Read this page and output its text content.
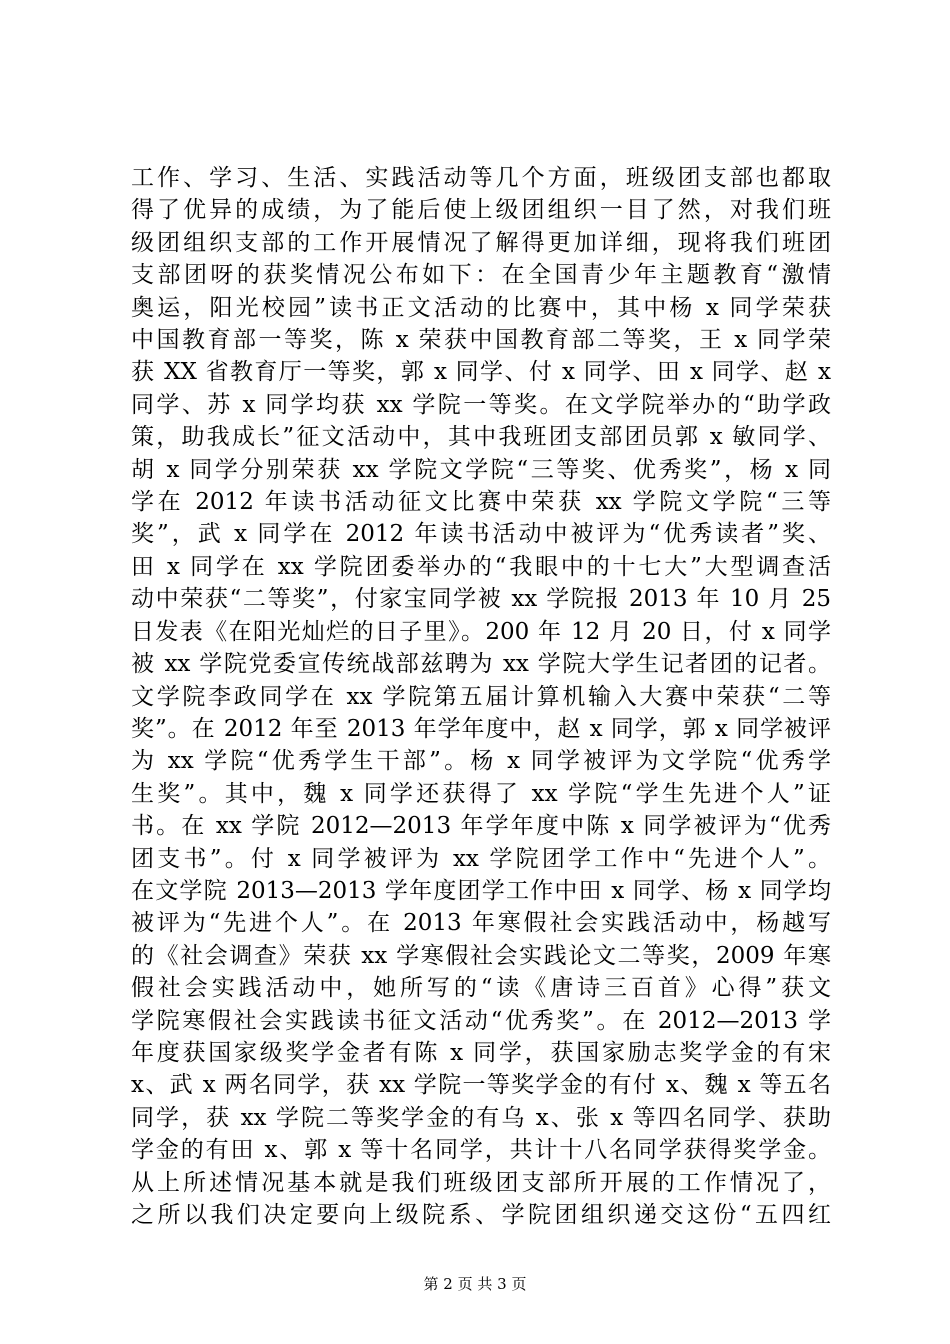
工作、学习、生活、实践活动等几个方面，班级团支部也都取
得了优异的成绩，为了能后使上级团组织一目了然，对我们班
级团组织支部的工作开展情况了解得更加详细，现将我们班团
支部团呀的获奖情况公布如下：在全国青少年主题教育“激情
奥运，阳光校园”读书正文活动的比赛中，其中杨 x 同学荣获
中国教育部一等奖，陈 x 荣获中国教育部二等奖，王 x 同学荣
获 XX 省教育厅一等奖，郭 x 同学、付 x 同学、田 x 同学、赵 x
同学、苏 x 同学均获 xx 学院一等奖。在文学院举办的“助学政
策，助我成长”征文活动中，其中我班团支部团员郭 x 敏同学、
胡 x 同学分别荣获 xx 学院文学院“三等奖、优秀奖”，杨 x 同
学在 2012 年读书活动征文比赛中荣获 xx 学院文学院“三等
奖”，武 x 同学在 2012 年读书活动中被评为“优秀读者”奖、
田 x 同学在 xx 学院团委举办的“我眼中的十七大”大型调查活
动中荣获“二等奖”，付家宝同学被 xx 学院报 2013 年 10 月 25
日发表《在阳光灿烂的日子里》。200 年 12 月 20 日，付 x 同学
被 xx 学院党委宣传统战部兹聘为 xx 学院大学生记者团的记者。
文学院李政同学在 xx 学院第五届计算机输入大赛中荣获“二等
奖”。在 2012 年至 2013 年学年度中，赵 x 同学，郭 x 同学被评
为 xx 学院“优秀学生干部”。杨 x 同学被评为文学院“优秀学
生奖”。其中，魏 x 同学还获得了 xx 学院“学生先进个人”证
书。在 xx 学院 2012—2013 年学年度中陈 x 同学被评为“优秀
团支书”。付 x 同学被评为 xx 学院团学工作中“先进个人”。
在文学院 2013—2013 学年度团学工作中田 x 同学、杨 x 同学均
被评为“先进个人”。在 2013 年寒假社会实践活动中，杨越写
的《社会调查》荣获 xx 学寒假社会实践论文二等奖，2009 年寒
假社会实践活动中，她所写的“读《唐诗三百首》心得”获文
学院寒假社会实践读书征文活动“优秀奖”。在 2012—2013 学
年度获国家级奖学金者有陈 x 同学，获国家励志奖学金的有宋
x、武 x 两名同学，获 xx 学院一等奖学金的有付 x、魏 x 等五名
同学，获 xx 学院二等奖学金的有乌 x、张 x 等四名同学、获助
学金的有田 x、郭 x 等十名同学，共计十八名同学获得奖学金。
从上所述情况基本就是我们班级团支部所开展的工作情况了，
之所以我们决定要向上级院系、学院团组织递交这份“五四红
第 2 页 共 3 页
